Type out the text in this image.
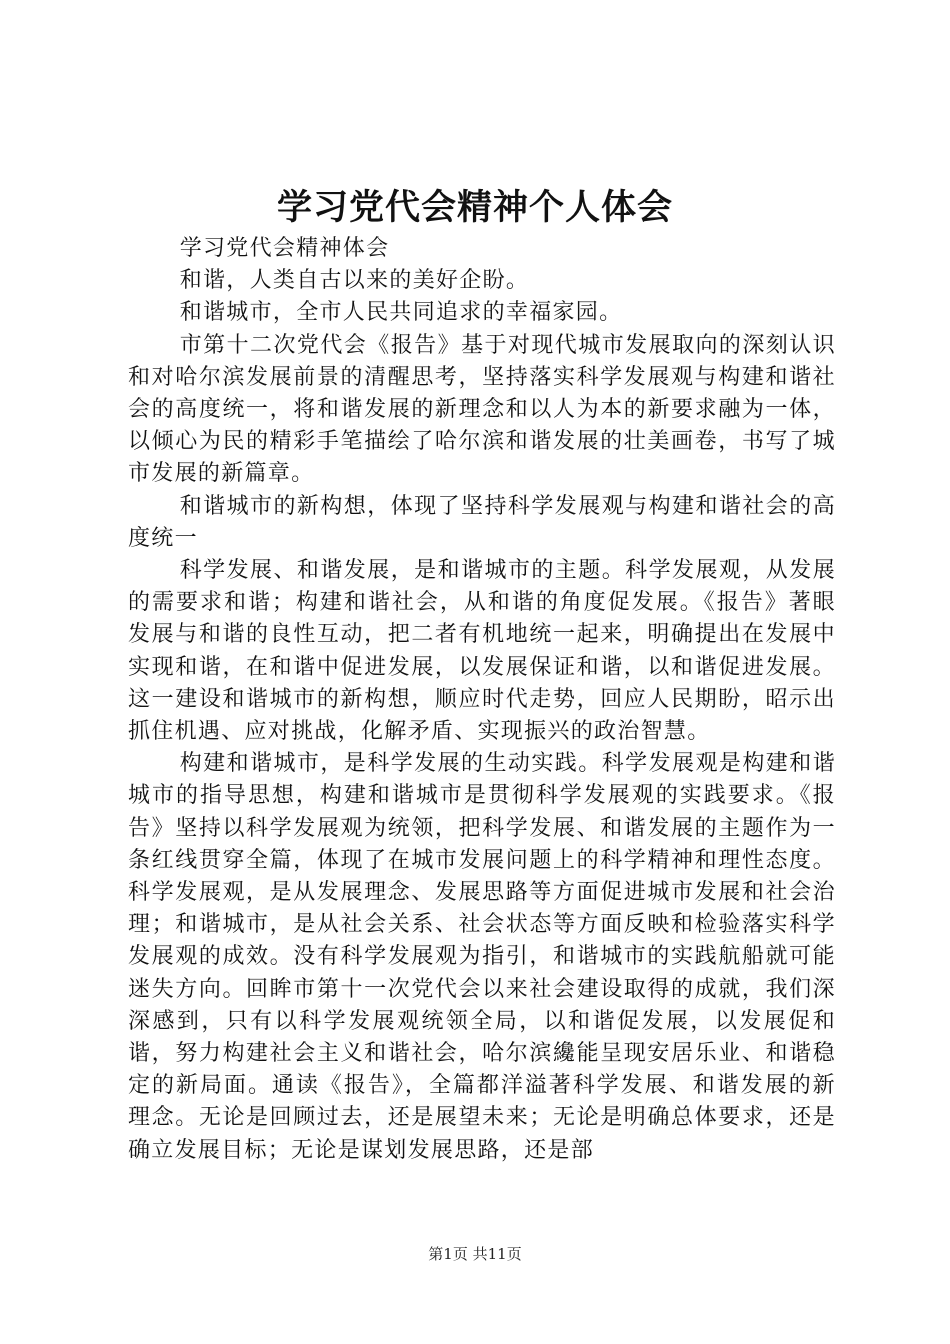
学习党代会精神个人体会

学习党代会精神体会

和谐，人类自古以来的美好企盼。

和谐城市，全市人民共同追求的幸福家园。

市第十二次党代会《报告》基于对现代城市发展取向的深刻认识和对哈尔滨发展前景的清醒思考，坚持落实科学发展观与构建和谐社会的高度统一，将和谐发展的新理念和以人为本的新要求融为一体，以倾心为民的精彩手笔描绘了哈尔滨和谐发展的壮美画卷，书写了城市发展的新篇章。

和谐城市的新构想，体现了坚持科学发展观与构建和谐社会的高度统一

科学发展、和谐发展，是和谐城市的主题。科学发展观，从发展的需要求和谐；构建和谐社会，从和谐的角度促发展。《报告》著眼发展与和谐的良性互动，把二者有机地统一起来，明确提出在发展中实现和谐，在和谐中促进发展，以发展保证和谐，以和谐促进发展。这一建设和谐城市的新构想，顺应时代走势，回应人民期盼，昭示出抓住机遇、应对挑战，化解矛盾、实现振兴的政治智慧。

构建和谐城市，是科学发展的生动实践。科学发展观是构建和谐城市的指导思想，构建和谐城市是贯彻科学发展观的实践要求。《报告》坚持以科学发展观为统领，把科学发展、和谐发展的主题作为一条红线贯穿全篇，体现了在城市发展问题上的科学精神和理性态度。科学发展观，是从发展理念、发展思路等方面促进城市发展和社会治理；和谐城市，是从社会关系、社会状态等方面反映和检验落实科学发展观的成效。没有科学发展观为指引，和谐城市的实践航船就可能迷失方向。回眸市第十一次党代会以来社会建设取得的成就，我们深深感到，只有以科学发展观统领全局，以和谐促发展，以发展促和谐，努力构建社会主义和谐社会，哈尔滨纔能呈现安居乐业、和谐稳定的新局面。通读《报告》，全篇都洋溢著科学发展、和谐发展的新理念。无论是回顾过去，还是展望未来；无论是明确总体要求，还是确立发展目标；无论是谋划发展思路，还是部

第1页 共11页
